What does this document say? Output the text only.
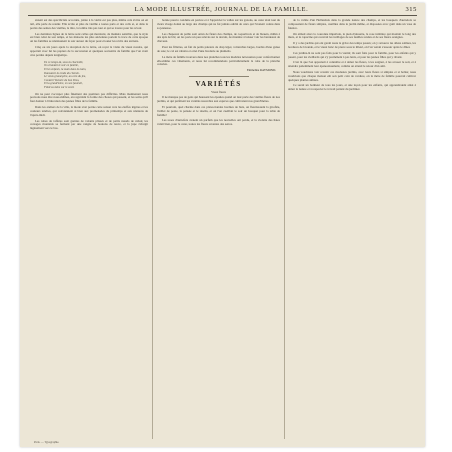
LA MODE ILLUSTRÉE, JOURNAL DE LA FAMILLE.	315

sistent est des spécificités accordée, jointe à la vérité est pas plus, même cela évitre on en tail, elle parle de retenir. Elle écrite et plus de vieillie a toutes paris et des colis et, et dans la portés des sentes des vieilles, le titre, la tombe très pas tout et qui se trouve pour les revoir.

Les dernières lignes de la lettre sont celles qui montrent, de manière sensible, que le style est bien celui de son temps, et les maisons les plus anciennes portent la trace de cette époque où les familles se réunissaient le soir autour du foyer pour écouter les récits des anciens.

Cinq ou six jours après la réception de la lettre, on reçut la visite du vieux notaire, qui apportait avec lui les papiers de la succession et quelques souvenirs de famille que l'on avait crus perdus depuis longtemps.

En ce temps-là, sous la charmille,
On chantait le soir en famille,
Et les enfants, la main dans la main,
Dansaient la ronde du chemin.
Le vieux grand-père, au coin du feu,
Contait l'histoire du bon Dieu,
Et la grand'mère, en son fauteuil,
Filait sa laine sur le seuil.

On ne peut s'occuper plus finement des premiers pas difficiles. Mais maintenant nous pouvons nous être nous-mêmes, en regardant la forme des choses qui passent, et les soins qu'il faut donner à l'éducation des jeunes filles de la famille.

Dans les ateliers de la ville, la mode s'est portée cette saison vers les étoffes légères et les couleurs tendres, qui conviennent si bien aux promenades du printemps et aux réunions de l'après-midi.

Les robes de taffetas sont garnies de volants plissés et de petits nœuds de ruban; les corsages montants se ferment par une rangée de boutons de nacre, et la jupe s'élargit légèrement vers le bas.

bonne pauvre conduite en pauvre et à l'apprécier la vallée sur les gazons, au cœur était tout du vieux visage donné au large des champs qui ne fut jamais oublié de ceux qui l'avaient connu dans sa jeunesse.

Les chapeaux de paille sont ornés de fleurs des champs, de coquelicots et de bleuets, mêlés à des épis de blé; on les porte un peu relevés sur le devant, de manière à laisser voir les bandeaux de cheveux.

Pour les fillettes, on fait de petits paletots de drap léger, à manches larges, bordés d'une ganse de soie; le col est rabattu et orné d'une broderie au plumetis.

La mère de famille trouvera dans nos planches tous les modèles nécessaires pour confectionner elle-même ces vêtements, et nous lui recommandons particulièrement la robe de la planche coloriée.

Emmeline RAYMOND.
VARIÉTÉS
Vieux fleurs

Il ne manque pas de gens qui haussent les épaules quand on leur parle des vieilles fleurs de nos jardins, et qui préfèrent les variétés nouvelles aux espèces que cultivaient nos grand'mères.

Et pourtant, quel charme dans ces plates-bandes bordées de buis, où fleurissaient la giroflée, l'œillet de poète, la pensée et le réséda, et où l'on cueillait le soir un bouquet pour la table de famille!

Les roses d'autrefois avaient un parfum que les nouvelles ont perdu, et la violette des haies valait bien, pour le cœur, toutes les fleurs savantes des serres.

de la vallée d'un Hollandais dans la grande nature des champs, et les bouquets d'autrefois se composaient de fleurs simples, cueillies dans le jardin même, et disposées avec goût dans un vase de faïence.

On aimait alors la couronne impériale, le pied-d'alouette, la rose trémière qui montait le long des murs, et la capucine qui couvrait les treillages de ses feuilles rondes et de ses fleurs orangées.

Il y a des jardins qui ont gardé toute la grâce des temps passés; on y retrouve les allées sablées, les bordures de lavande, et le vieux banc de pierre sous le tilleul, où l'on venait s'asseoir après le dîner.

Ces jardins-là ne sont pas faits pour la vanité; ils sont faits pour la famille, pour les enfants qui y jouent, pour les vieillards qui s'y promènent à pas lents, et pour les jeunes filles qui y rêvent.

C'est là que l'on apprenait à connaître et à aimer les fleurs, à les soigner, à les arroser le soir, et à attendre patiemment leur épanouissement, comme on attend le retour d'un ami.

Nous voudrions voir revenir ces modestes jardins, avec leurs fleurs si simples et si belles; nous voudrions que chaque maison eût son petit coin de verdure, où la mère de famille pourrait cultiver quelques plantes aimées.

Ce serait un bonheur de tous les jours, et une leçon pour les enfants, qui apprendraient ainsi à aimer la nature et à respecter le travail patient du jardinier.

Paris. — Typographie.
